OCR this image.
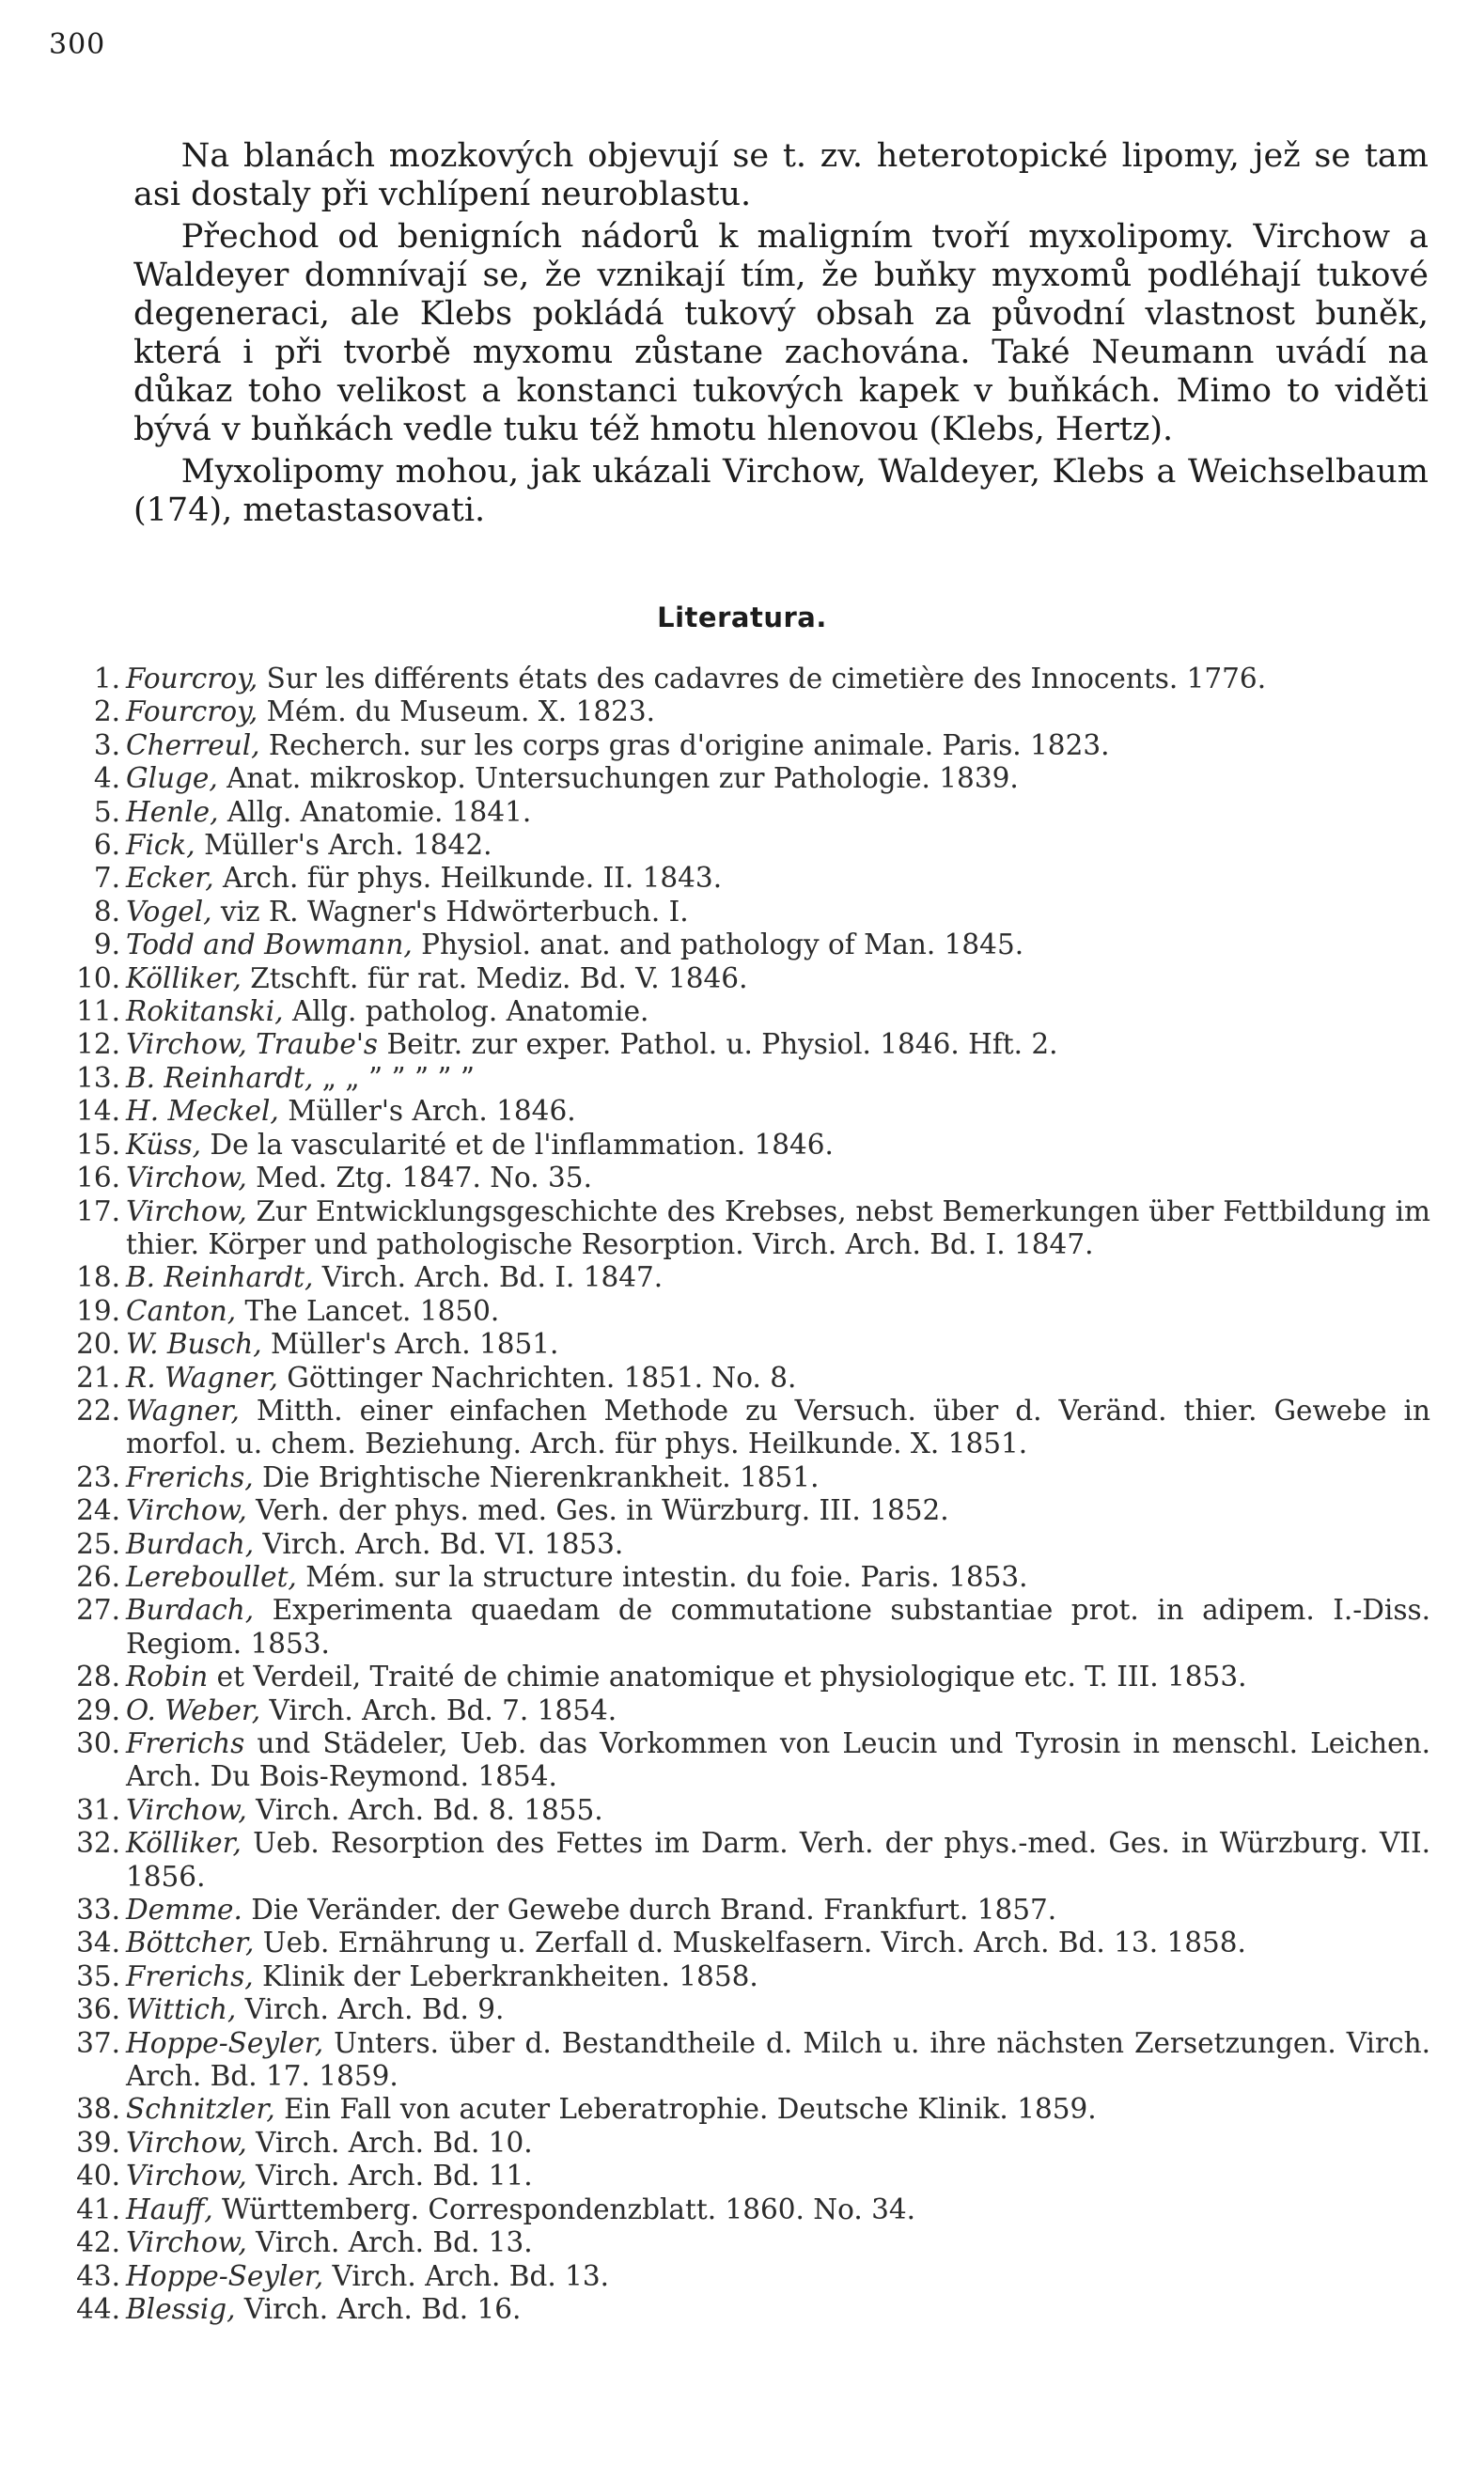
300

Na blanách mozkových objevují se t. zv. heterotopické lipomy, jež se tam asi dostaly při vchlípení neuroblastu.

Přechod od benigních nádorů k maligním tvoří myxolipomy. Virchow a Waldeyer domnívají se, že vznikají tím, že buňky myxomů podléhají tukové degeneraci, ale Klebs pokládá tukový obsah za původní vlastnost buněk, která i při tvorbě myxomu zůstane zachována. Také Neumann uvádí na důkaz toho velikost a konstanci tukových kapek v buňkách. Mimo to viděti bývá v buňkách vedle tuku též hmotu hlenovou (Klebs, Hertz).

Myxolipomy mohou, jak ukázali Virchow, Waldeyer, Klebs a Weichselbaum (174), metastasovati.

Literatura.
1. Fourcroy, Sur les différents états des cadavres de cimetière des Innocents. 1776.
2. Fourcroy, Mém. du Museum. X. 1823.
3. Cherreul, Recherch. sur les corps gras d'origine animale. Paris. 1823.
4. Gluge, Anat. mikroskop. Untersuchungen zur Pathologie. 1839.
5. Henle, Allg. Anatomie. 1841.
6. Fick, Müller's Arch. 1842.
7. Ecker, Arch. für phys. Heilkunde. II. 1843.
8. Vogel, viz R. Wagner's Hdwörterbuch. I.
9. Todd and Bowmann, Physiol. anat. and pathology of Man. 1845.
10. Kölliker, Ztschft. für rat. Mediz. Bd. V. 1846.
11. Rokitanski, Allg. patholog. Anatomie.
12. Virchow, Traube's Beitr. zur exper. Pathol. u. Physiol. 1846. Hft. 2.
13. B. Reinhardt, „ „ ” ” ” ” ”
14. H. Meckel, Müller's Arch. 1846.
15. Küss, De la vascularité et de l'inflammation. 1846.
16. Virchow, Med. Ztg. 1847. No. 35.
17. Virchow, Zur Entwicklungsgeschichte des Krebses, nebst Bemerkungen über Fettbildung im thier. Körper und pathologische Resorption. Virch. Arch. Bd. I. 1847.
18. B. Reinhardt, Virch. Arch. Bd. I. 1847.
19. Canton, The Lancet. 1850.
20. W. Busch, Müller's Arch. 1851.
21. R. Wagner, Göttinger Nachrichten. 1851. No. 8.
22. Wagner, Mitth. einer einfachen Methode zu Versuch. über d. Veränd. thier. Gewebe in morfol. u. chem. Beziehung. Arch. für phys. Heilkunde. X. 1851.
23. Frerichs, Die Brightische Nierenkrankheit. 1851.
24. Virchow, Verh. der phys. med. Ges. in Würzburg. III. 1852.
25. Burdach, Virch. Arch. Bd. VI. 1853.
26. Lereboullet, Mém. sur la structure intestin. du foie. Paris. 1853.
27. Burdach, Experimenta quaedam de commutatione substantiae prot. in adipem. I.-Diss. Regiom. 1853.
28. Robin et Verdeil, Traité de chimie anatomique et physiologique etc. T. III. 1853.
29. O. Weber, Virch. Arch. Bd. 7. 1854.
30. Frerichs und Städeler, Ueb. das Vorkommen von Leucin und Tyrosin in menschl. Leichen. Arch. Du Bois-Reymond. 1854.
31. Virchow, Virch. Arch. Bd. 8. 1855.
32. Kölliker, Ueb. Resorption des Fettes im Darm. Verh. der phys.-med. Ges. in Würzburg. VII. 1856.
33. Demme. Die Veränder. der Gewebe durch Brand. Frankfurt. 1857.
34. Böttcher, Ueb. Ernährung u. Zerfall d. Muskelfasern. Virch. Arch. Bd. 13. 1858.
35. Frerichs, Klinik der Leberkrankheiten. 1858.
36. Wittich, Virch. Arch. Bd. 9.
37. Hoppe-Seyler, Unters. über d. Bestandtheile d. Milch u. ihre nächsten Zersetzungen. Virch. Arch. Bd. 17. 1859.
38. Schnitzler, Ein Fall von acuter Leberatrophie. Deutsche Klinik. 1859.
39. Virchow, Virch. Arch. Bd. 10.
40. Virchow, Virch. Arch. Bd. 11.
41. Hauff, Württemberg. Correspondenzblatt. 1860. No. 34.
42. Virchow, Virch. Arch. Bd. 13.
43. Hoppe-Seyler, Virch. Arch. Bd. 13.
44. Blessig, Virch. Arch. Bd. 16.
